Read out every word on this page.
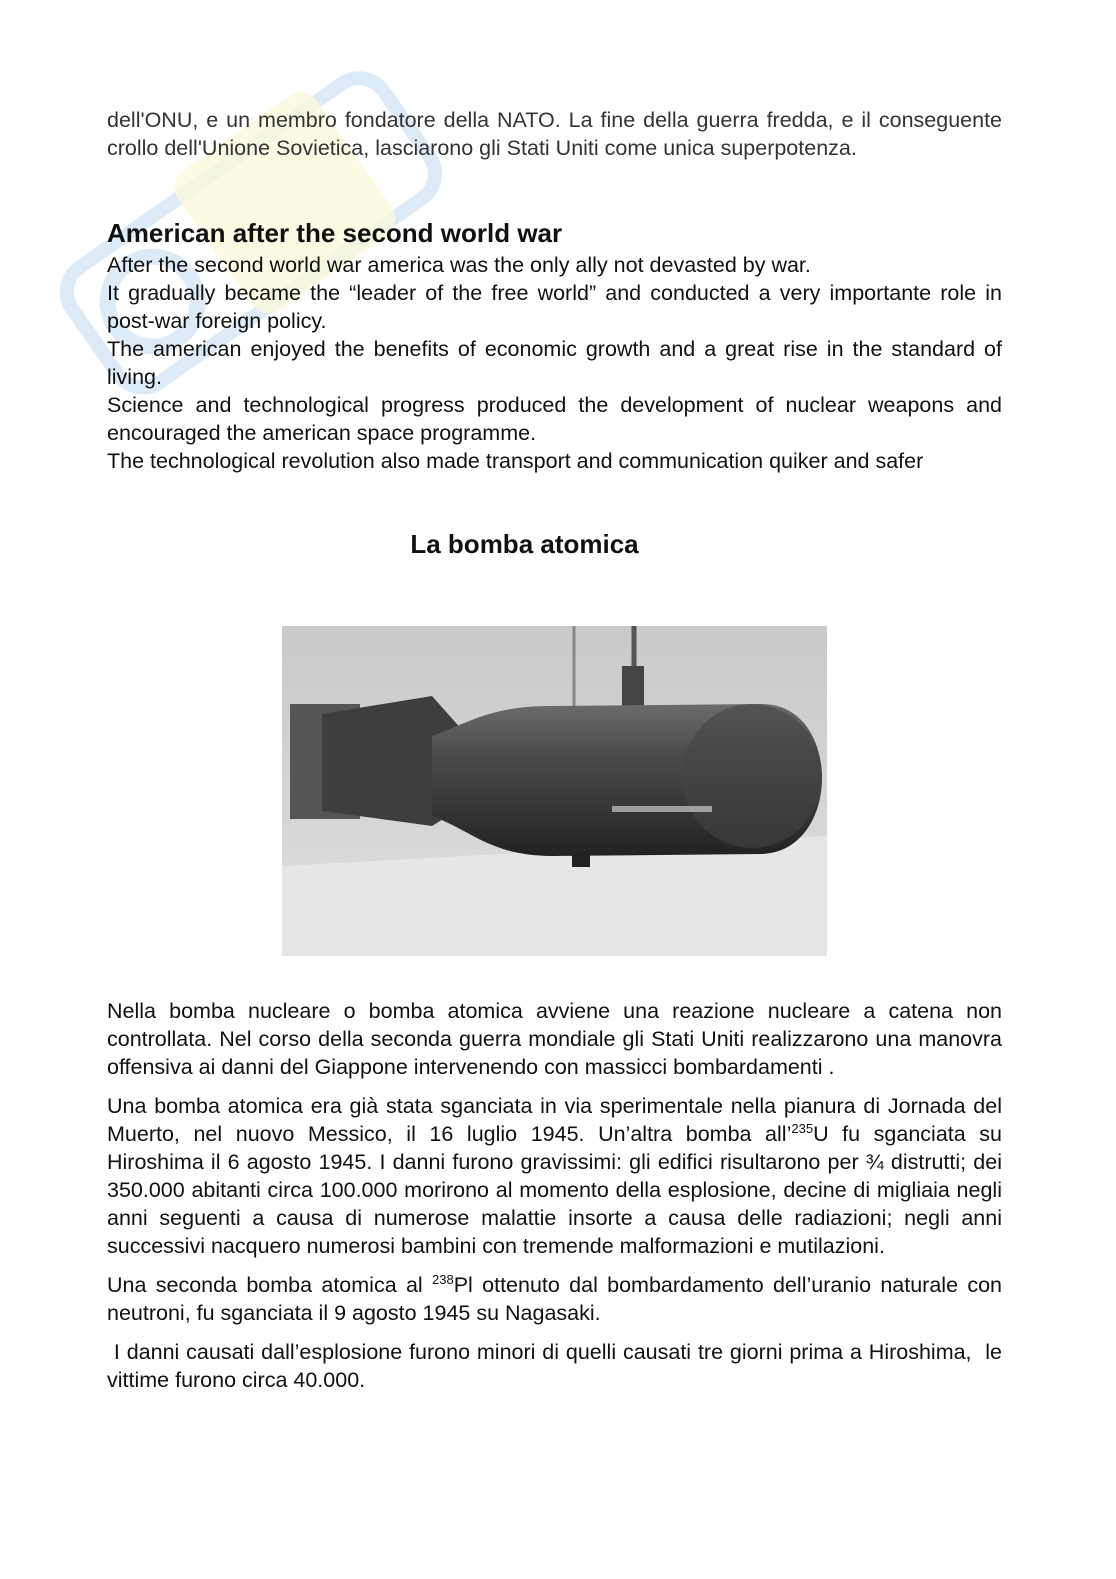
dell'ONU, e un membro fondatore della NATO. La fine della guerra fredda, e il conseguente crollo dell'Unione Sovietica, lasciarono gli Stati Uniti come unica superpotenza.

American after the second world war

After the second world war america was the only ally not devasted by war.

It gradually became the “leader of the free world” and conducted a very importante role in post-war foreign policy.

The american enjoyed the benefits of economic growth and a great rise in the standard of living.

Science and technological progress produced the development of nuclear weapons and encouraged the american space programme.

The technological revolution also made transport and communication quiker and safer

La bomba atomica

Nella bomba nucleare o bomba atomica avviene una reazione nucleare a catena non controllata. Nel corso della seconda guerra mondiale gli Stati Uniti realizzarono una manovra offensiva ai danni del Giappone intervenendo con massicci bombardamenti .

Una bomba atomica era già stata sganciata in via sperimentale nella pianura di Jornada del Muerto, nel nuovo Messico, il 16 luglio 1945. Un’altra bomba all’$^{235}$U fu sganciata su Hiroshima il 6 agosto 1945. I danni furono gravissimi: gli edifici risultarono per ¾ distrutti; dei 350.000 abitanti circa 100.000 morirono al momento della esplosione, decine di migliaia negli anni seguenti a causa di numerose malattie insorte a causa delle radiazioni; negli anni successivi nacquero numerosi bambini con tremende malformazioni e mutilazioni.

Una seconda bomba atomica al $^{238}$Pl ottenuto dal bombardamento dell’uranio naturale con neutroni, fu sganciata il 9 agosto 1945 su Nagasaki.

I danni causati dall’esplosione furono minori di quelli causati tre giorni prima a Hiroshima,  le vittime furono circa 40.000.
